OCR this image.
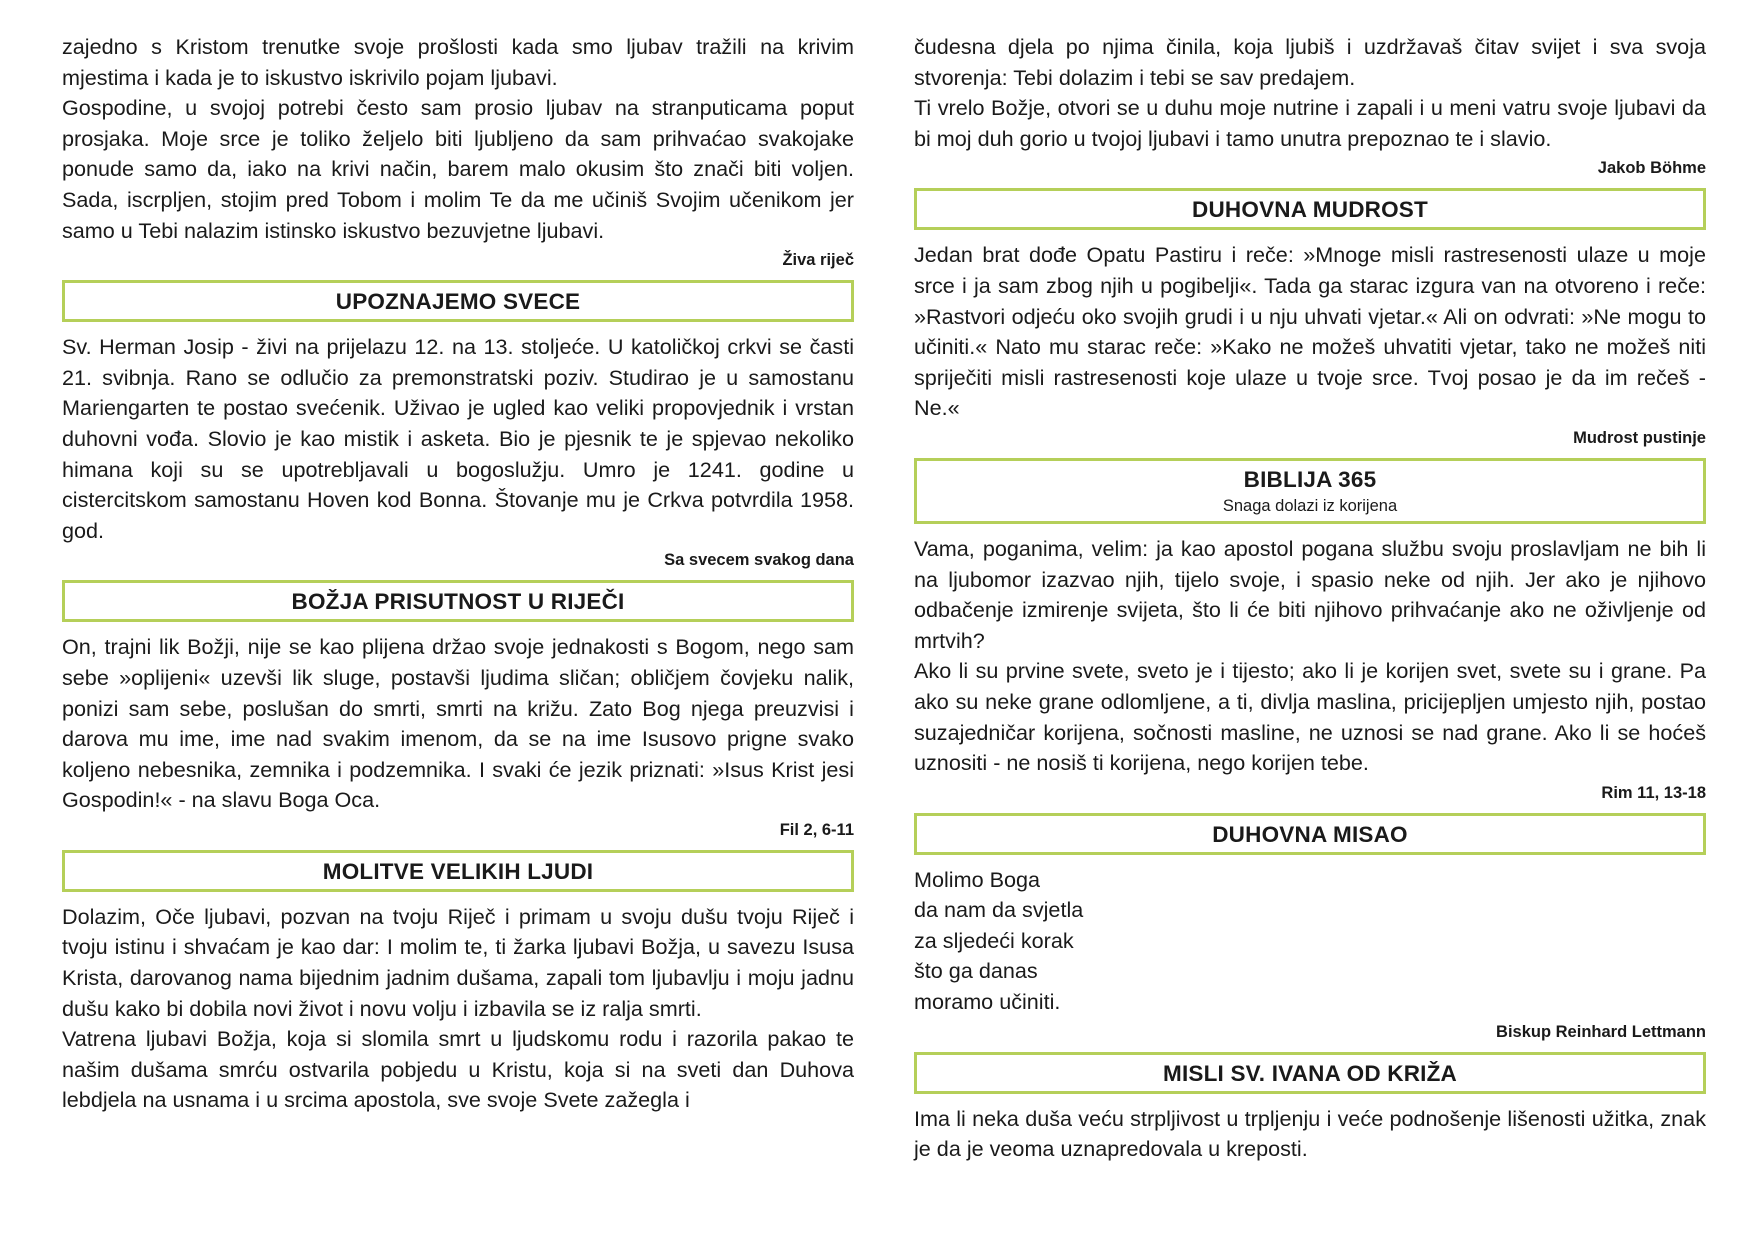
zajedno s Kristom trenutke svoje prošlosti kada smo ljubav tražili na krivim mjestima i kada je to iskustvo iskrivilo pojam ljubavi.
Gospodine, u svojoj potrebi često sam prosio ljubav na stranputicama poput prosjaka. Moje srce je toliko željelo biti ljubljeno da sam prihvaćao svakojake ponude samo da, iako na krivi način, barem malo okusim što znači biti voljen. Sada, iscrpljen, stojim pred Tobom i molim Te da me učiniš Svojim učenikom jer samo u Tebi nalazim istinsko iskustvo bezuvjetne ljubavi.

Živa riječ
UPOZNAJEMO SVECE

Sv. Herman Josip - živi na prijelazu 12. na 13. stoljeće. U katoličkoj crkvi se časti 21. svibnja. Rano se odlučio za premonstratski poziv. Studirao je u samostanu Mariengarten te postao svećenik. Uživao je ugled kao veliki propovjednik i vrstan duhovni vođa. Slovio je kao mistik i asketa. Bio je pjesnik te je spjevao nekoliko himana koji su se upotrebljavali u bogoslužju. Umro je 1241. godine u cistercitskom samostanu Hoven kod Bonna. Štovanje mu je Crkva potvrdila 1958. god.

Sa svecem svakog dana
BOŽJA PRISUTNOST U RIJEČI

On, trajni lik Božji, nije se kao plijena držao svoje jednakosti s Bogom, nego sam sebe »oplijeni« uzevši lik sluge, postavši ljudima sličan; obličjem čovjeku nalik, ponizi sam sebe, poslušan do smrti, smrti na križu. Zato Bog njega preuzvisi i darova mu ime, ime nad svakim imenom, da se na ime Isusovo prigne svako koljeno nebesnika, zemnika i podzemnika. I svaki će jezik priznati: »Isus Krist jesi Gospodin!« - na slavu Boga Oca.

Fil 2, 6-11
MOLITVE VELIKIH LJUDI

Dolazim, Oče ljubavi, pozvan na tvoju Riječ i primam u svoju dušu tvoju Riječ i tvoju istinu i shvaćam je kao dar: I molim te, ti žarka ljubavi Božja, u savezu Isusa Krista, darovanog nama bijednim jadnim dušama, zapali tom ljubavlju i moju jadnu dušu kako bi dobila novi život i novu volju i izbavila se iz ralja smrti.
Vatrena ljubavi Božja, koja si slomila smrt u ljudskomu rodu i razorila pakao te našim dušama smrću ostvarila pobjedu u Kristu, koja si na sveti dan Duhova lebdjela na usnama i u srcima apostola, sve svoje Svete zažegla i

čudesna djela po njima činila, koja ljubiš i uzdržavaš čitav svijet i sva svoja stvorenja: Tebi dolazim i tebi se sav predajem.
Ti vrelo Božje, otvori se u duhu moje nutrine i zapali i u meni vatru svoje ljubavi da bi moj duh gorio u tvojoj ljubavi i tamo unutra prepoznao te i slavio.

Jakob Böhme
DUHOVNA MUDROST

Jedan brat dođe Opatu Pastiru i reče: »Mnoge misli rastresenosti ulaze u moje srce i ja sam zbog njih u pogibelji«. Tada ga starac izgura van na otvoreno i reče: »Rastvori odjeću oko svojih grudi i u nju uhvati vjetar.« Ali on odvrati: »Ne mogu to učiniti.« Nato mu starac reče: »Kako ne možeš uhvatiti vjetar, tako ne možeš niti spriječiti misli rastresenosti koje ulaze u tvoje srce. Tvoj posao je da im rečeš - Ne.«

Mudrost pustinje
BIBLIJA 365
Snaga dolazi iz korijena

Vama, poganima, velim: ja kao apostol pogana službu svoju proslavljam ne bih li na ljubomor izazvao njih, tijelo svoje, i spasio neke od njih. Jer ako je njihovo odbačenje izmirenje svijeta, što li će biti njihovo prihvaćanje ako ne oživljenje od mrtvih?
Ako li su prvine svete, sveto je i tijesto; ako li je korijen svet, svete su i grane. Pa ako su neke grane odlomljene, a ti, divlja maslina, pricijepljen umjesto njih, postao suzajedničar korijena, sočnosti masline, ne uznosi se nad grane. Ako li se hoćeš uznositi - ne nosiš ti korijena, nego korijen tebe.

Rim 11, 13-18
DUHOVNA MISAO
Molimo Boga
da nam da svjetla
za sljedeći korak
što ga danas
moramo učiniti.
Biskup Reinhard Lettmann
MISLI SV. IVANA OD KRIŽA

Ima li neka duša veću strpljivost u trpljenju i veće podnošenje lišenosti užitka, znak je da je veoma uznapredovala u kreposti.
